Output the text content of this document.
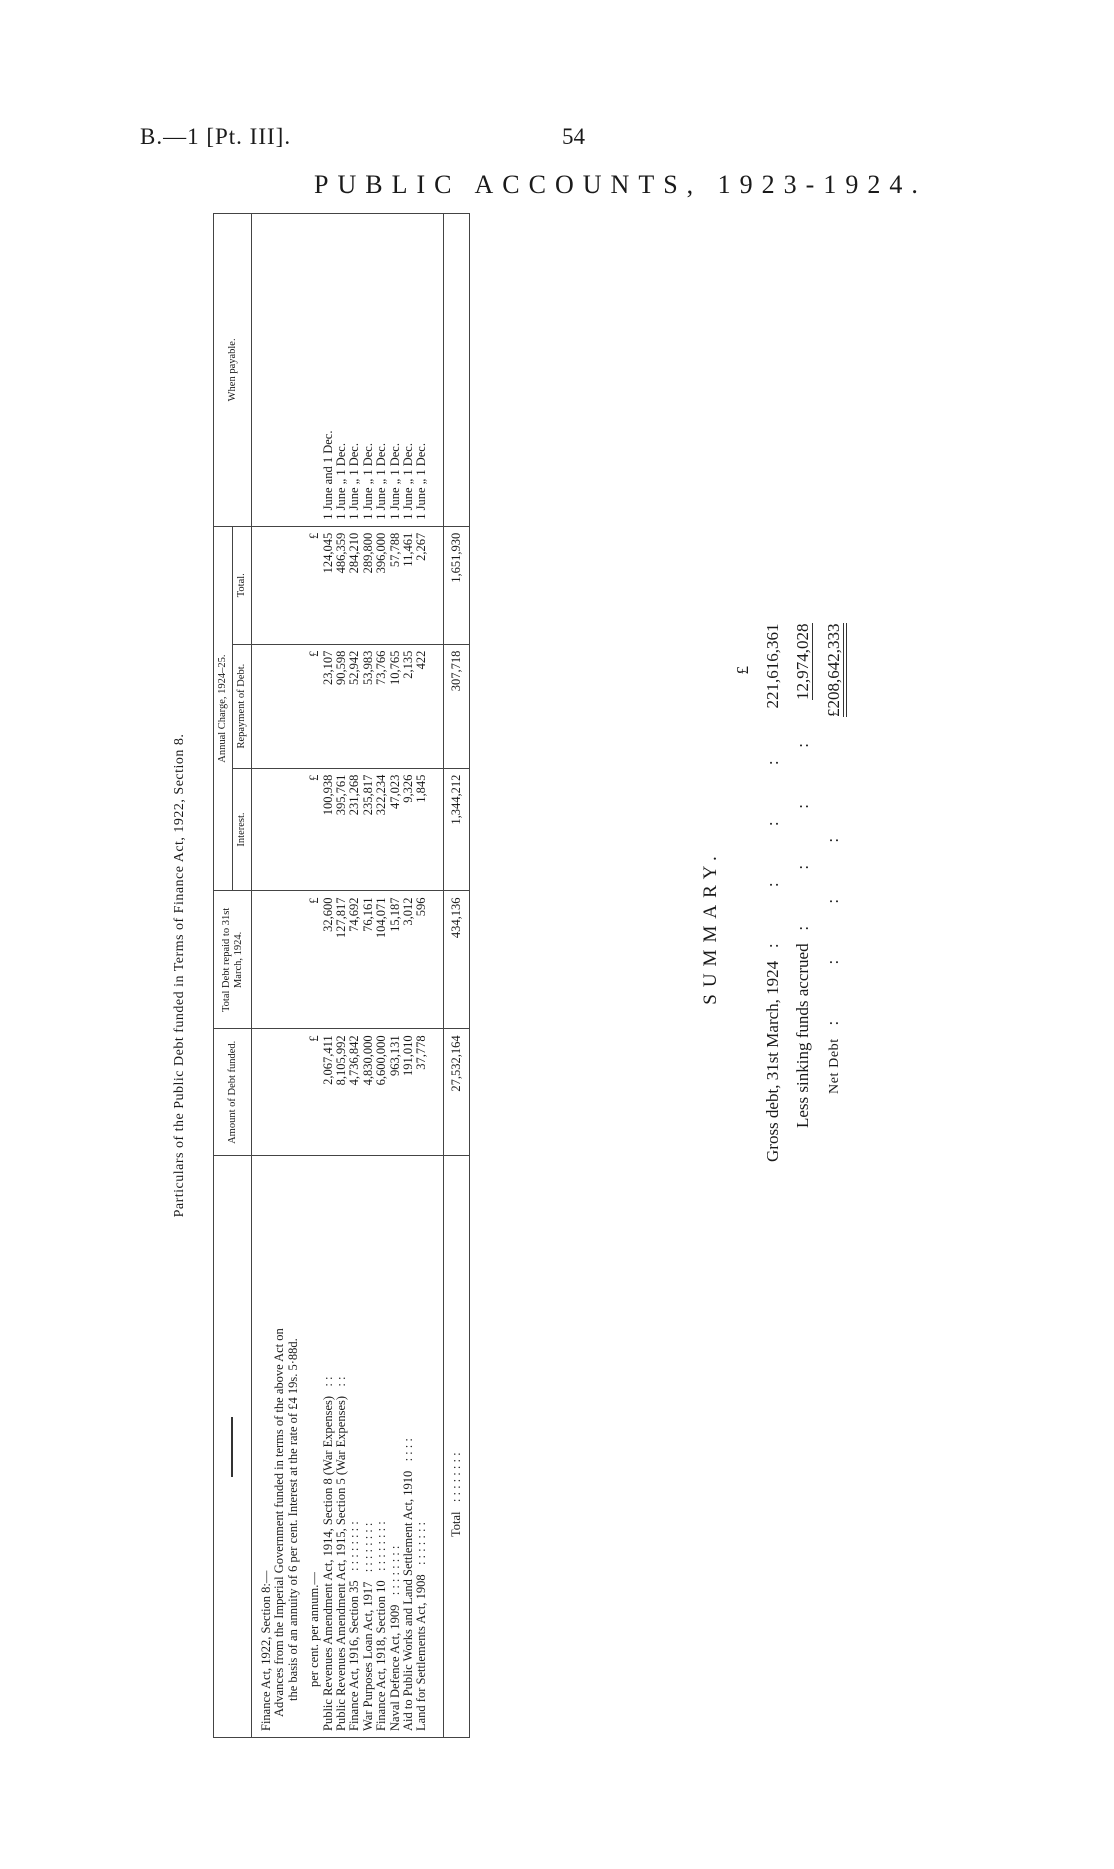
B.—1 [Pt. III].	54
PUBLIC ACCOUNTS, 1923-1924.
Particulars of the Public Debt funded in Terms of Finance Act, 1922, Section 8.
		Amount of Debt funded.	Total Debt repaid to 31st March, 1924.	Annual Charge, 1924–25.			When payable.
			Interest.	Repayment of Debt.	Total.	
Finance Act, 1922, Section 8:—						
Advances from the Imperial Government funded in terms of the above Act on						
the basis of an annuity of 6 per cent. Interest at the rate of £4 19s. 5·88d.						
per cent. per annum.—	£	£	£	£	£	
Public Revenues Amendment Act, 1914, Section 8 (War Expenses)   : :	2,067,411	32,600	100,938	23,107	124,045	1 June and 1 Dec.
Public Revenues Amendment Act, 1915, Section 5 (War Expenses)   : :	8,105,992	127,817	395,761	90,598	486,359	1 June „ 1 Dec.
Finance Act, 1916, Section 35   : : : : : : : :	4,736,842	74,692	231,268	52,942	284,210	1 June „ 1 Dec.
War Purposes Loan Act, 1917   : : : : : : : :	4,830,000	76,161	235,817	53,983	289,800	1 June „ 1 Dec.
Finance Act, 1918, Section 10   : : : : : : : :	6,600,000	104,071	322,234	73,766	396,000	1 June „ 1 Dec.
Naval Defence Act, 1909   : : : : : : : :	963,131	15,187	47,023	10,765	57,788	1 June „ 1 Dec.
Aid to Public Works and Land Settlement Act, 1910   : : : :	191,010	3,012	9,326	2,135	11,461	1 June „ 1 Dec.
Land for Settlements Act, 1908   : : : : : : :	37,778	596	1,845	422	2,267	1 June „ 1 Dec.
Total   : : : : : : : :	27,532,164	434,136	1,344,212	307,718	1,651,930	
SUMMARY.
	£
Gross debt, 31st March, 1924   : : : :	221,616,361
Less sinking funds accrued   : : : :	12,974,028
Net Debt   : : : :	£208,642,333
